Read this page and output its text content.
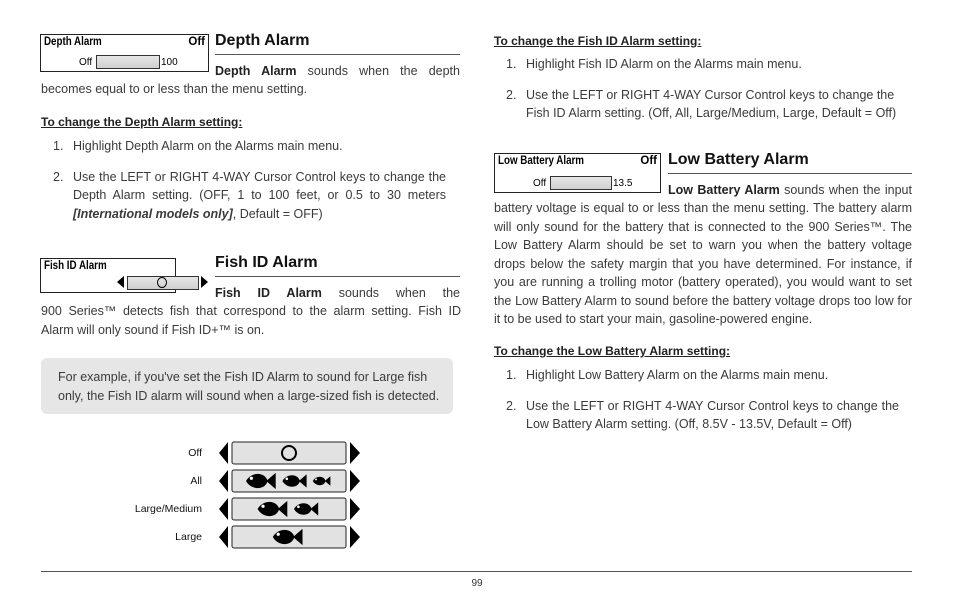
Depth Alarm	Off
Off	100
Depth Alarm
Depth Alarm sounds when the depth
becomes equal to or less than the menu setting.
To change the Depth Alarm setting:
1. Highlight Depth Alarm on the Alarms main menu.
2. Use the LEFT or RIGHT 4-WAY Cursor Control keys to change the Depth Alarm setting. (OFF, 1 to 100 feet, or 0.5 to 30 meters [International models only], Default = OFF)
Fish ID Alarm	Fish ID Alarm
Fish ID Alarm sounds when the
900 Series™ detects fish that correspond to the alarm setting. Fish ID Alarm will only sound if Fish ID+™ is on.
For example, if you've set the Fish ID Alarm to sound for Large fish only, the Fish ID alarm will sound when a large-sized fish is detected.
Off
All
Large/Medium
Large
To change the Fish ID Alarm setting:
1. Highlight Fish ID Alarm on the Alarms main menu.
2. Use the LEFT or RIGHT 4-WAY Cursor Control keys to change the Fish ID Alarm setting. (Off, All, Large/Medium, Large, Default = Off)
Low Battery Alarm	Off
Off	13.5
Low Battery Alarm
Low Battery Alarm sounds when the input
battery voltage is equal to or less than the menu setting. The battery alarm will only sound for the battery that is connected to the 900 Series™. The Low Battery Alarm should be set to warn you when the battery voltage drops below the safety margin that you have determined. For instance, if you are running a trolling motor (battery operated), you would want to set the Low Battery Alarm to sound before the battery voltage drops too low for it to be used to start your main, gasoline-powered engine.
To change the Low Battery Alarm setting:
1. Highlight Low Battery Alarm on the Alarms main menu.
2. Use the LEFT or RIGHT 4-WAY Cursor Control keys to change the Low Battery Alarm setting. (Off, 8.5V - 13.5V, Default = Off)
99
